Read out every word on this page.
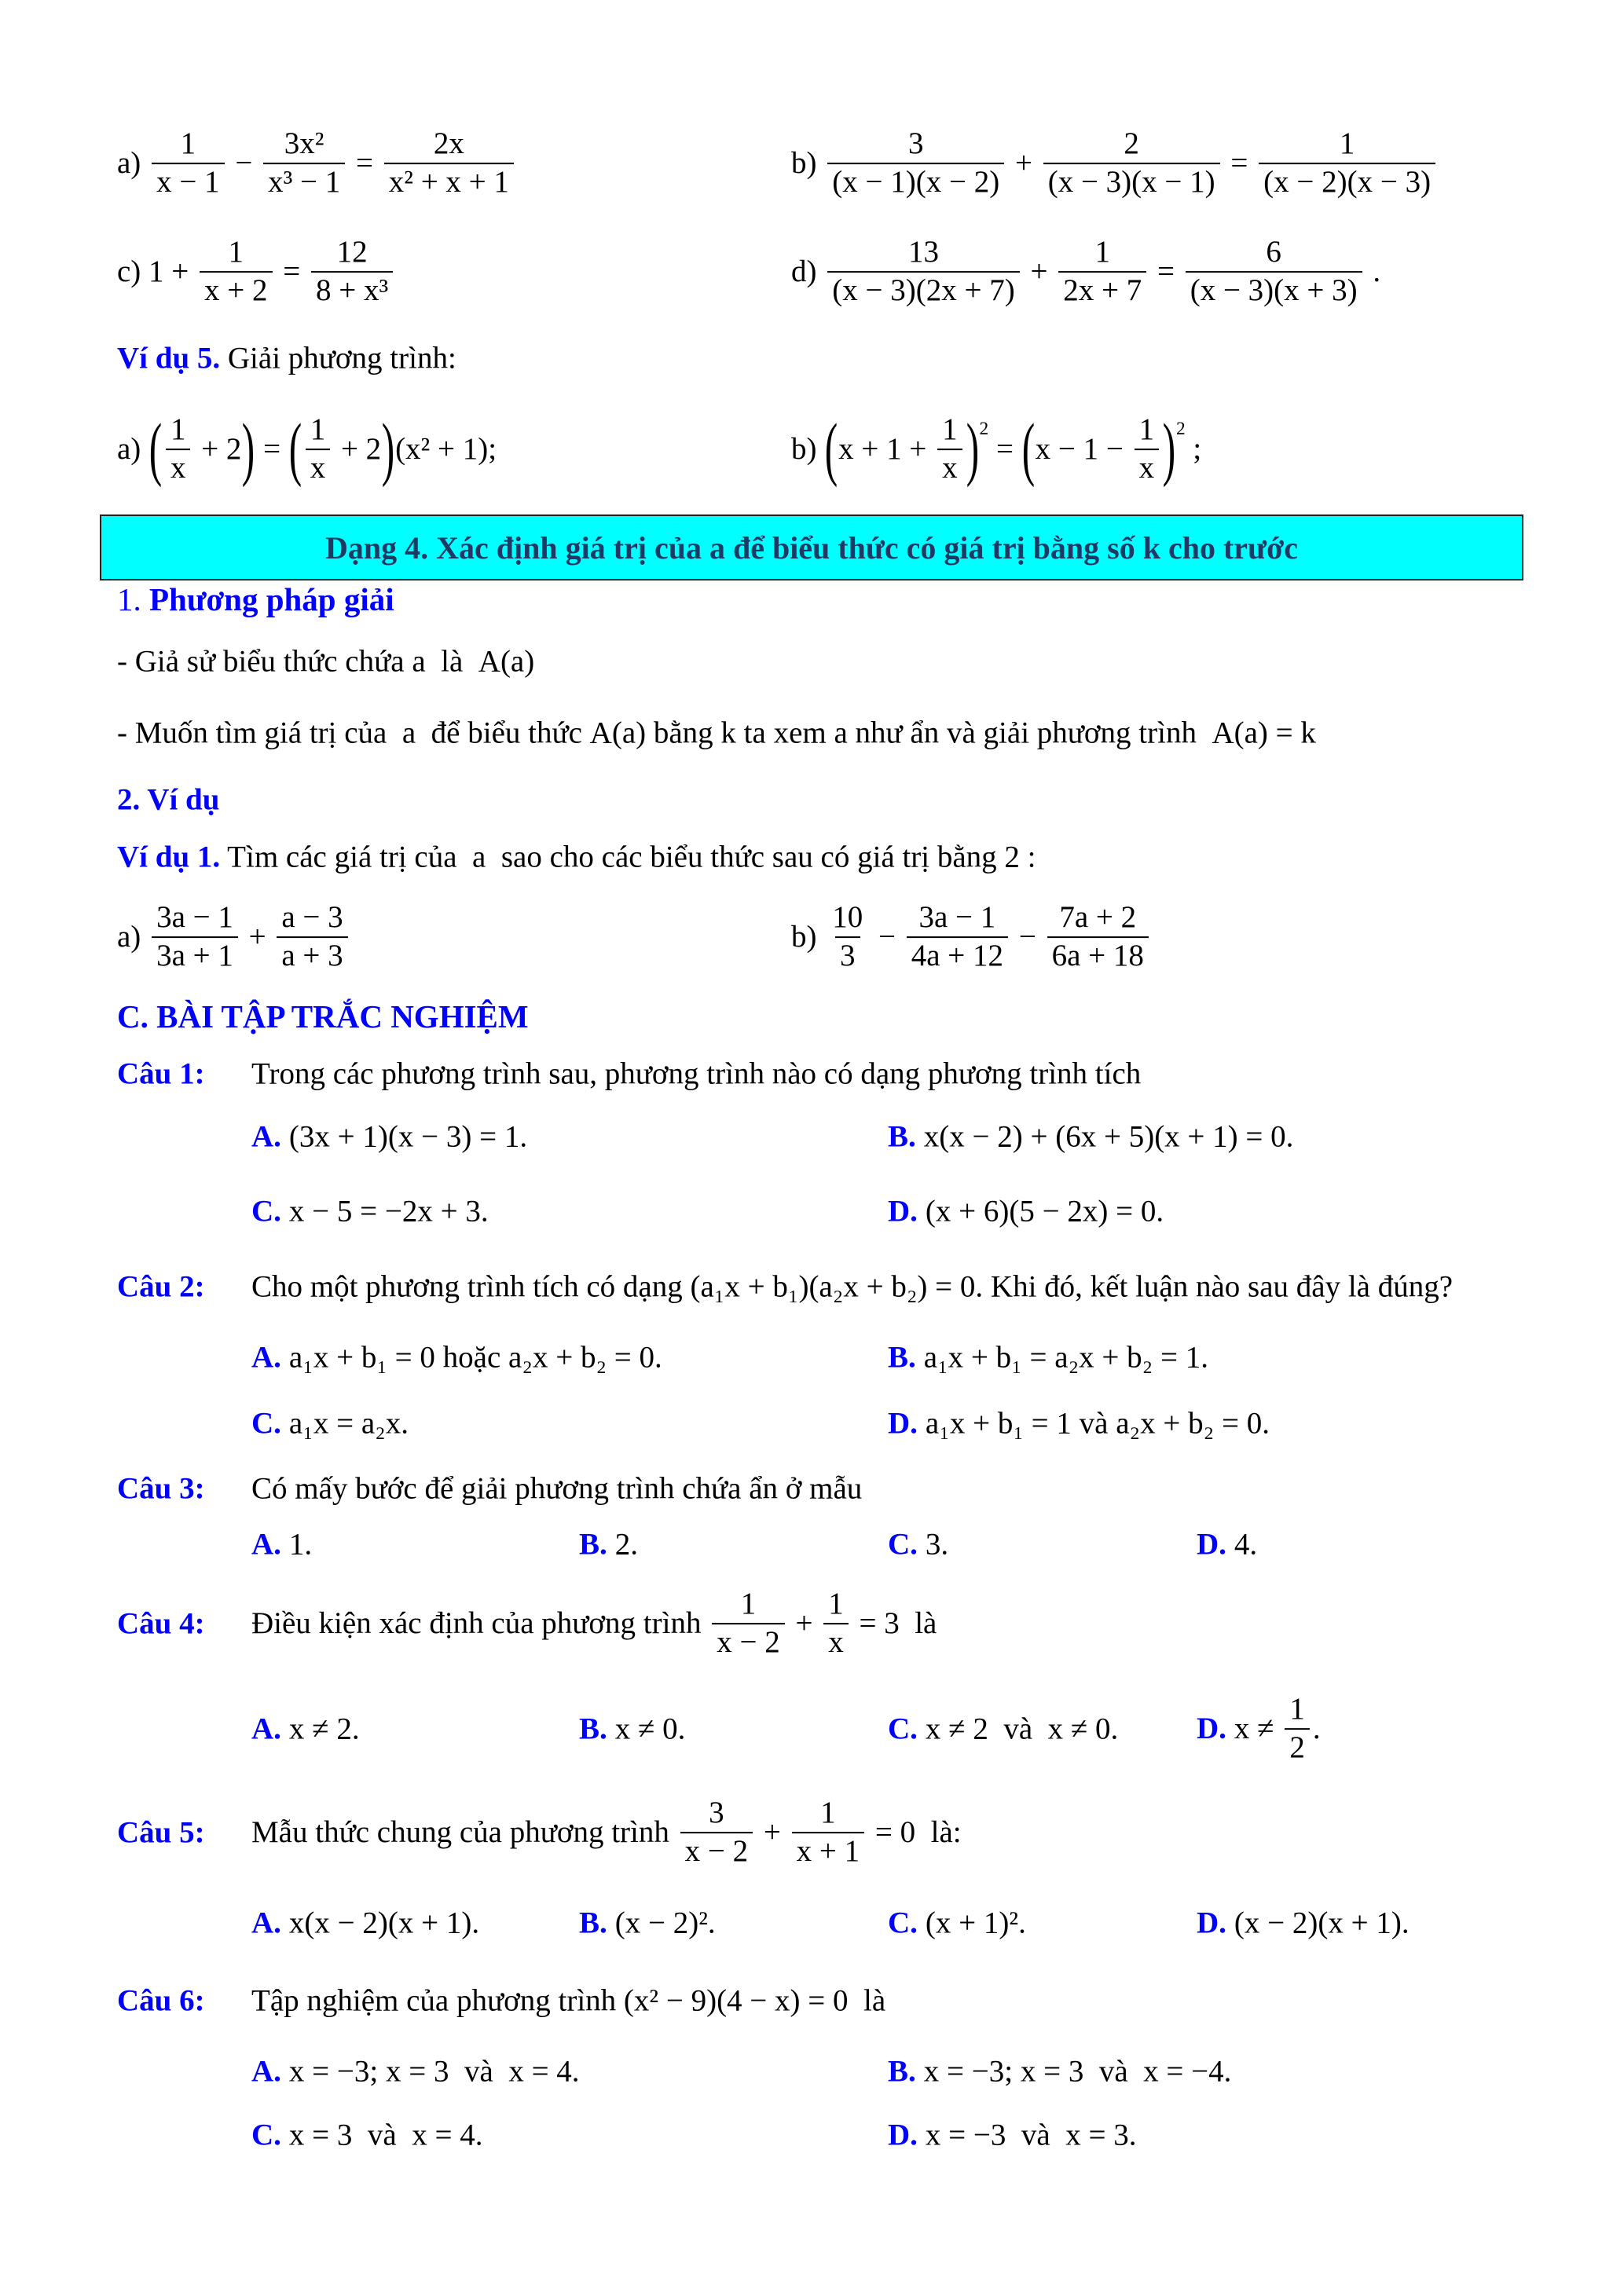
$a) \frac{1}{x - 1} - \frac{\text{3x²}}{\text{x³ − 1}} = \frac{2x}{\text{x² + x + 1}}$	$b) \frac{3}{(x - 1)(x - 2)} + \frac{2}{(x - 3)(x - 1)} = \frac{1}{(x - 2)(x - 3)}$
c) $1 + \frac{1}{x + 2} = \frac{12}{\text{8 + x³}}$	$d) \frac{13}{(x - 3)(2x + 7)} + \frac{1}{2x + 7} = \frac{6}{(x - 3)(x + 3)}$ .
Ví dụ 5. Giải phương trình:
a) ( $\frac{1}{x} + 2$ ) = ( $\frac{1}{x} + 2$ ) (x² + 1);	b) ( $x + 1 + \frac{1}{x}$ ) 2
= ( $x - 1 - \frac{1}{x}$ ) 2
;
Dạng 4. Xác định giá trị của a để biểu thức có giá trị bằng số k cho trước
1. Phương pháp giải
- Giả sử biểu thức chứa a là A(a)
- Muốn tìm giá trị của a để biểu thức A(a) bằng k ta xem a như ẩn và giải phương trình A(a) = k
2. Ví dụ
Ví dụ 1. Tìm các giá trị của a sao cho các biểu thức sau có giá trị bằng 2 :
$a) \frac{3a - 1}{3a + 1} + \frac{a - 3}{a + 3}$	$b) \frac{10}{3} - \frac{3a - 1}{4a + 12} - \frac{7a + 2}{6a + 18}$
C. BÀI TẬP TRẮC NGHIỆM
Câu 1: Trong các phương trình sau, phương trình nào có dạng phương trình tích
A. (3x + 1)(x − 3) = 1.	B. x(x − 2) + (6x + 5)(x + 1) = 0.
C. x − 5 = −2x + 3.	D. (x + 6)(5 − 2x) = 0.
Câu 2: Cho một phương trình tích có dạng (a₁x + b₁)(a₂x + b₂) = 0 . Khi đó, kết luận nào sau đây là đúng?
A. a₁x + b₁ = 0 hoặc a₂x + b₂ = 0.	B. a₁x + b₁ = a₂x + b₂ = 1.
C. a₁x = a₂x.	D. a₁x + b₁ = 1 và a₂x + b₂ = 0.
Câu 3: Có mấy bước để giải phương trình chứa ẩn ở mẫu
A. 1.	B. 2.	C. 3.	D. 4.
Câu 4: Điều kiện xác định của phương trình $\frac{1}{x - 2} + \frac{1}{x} = 3$ là
A. x ≠ 2.	B. x ≠ 0.	C. x ≠ 2 và x ≠ 0.	D. $x \ne \frac{1}{2}$ .
Câu 5: Mẫu thức chung của phương trình $\frac{3}{x - 2} + \frac{1}{x + 1} = 0$ là:
A. x(x − 2)(x + 1).	B. (x − 2)².	C. (x + 1)².	D. (x − 2)(x + 1).
Câu 6: Tập nghiệm của phương trình (x² − 9)(4 − x) = 0 là
A. x = −3; x = 3 và x = 4.	B. x = −3; x = 3 và x = −4.
C. x = 3 và x = 4.	D. x = −3 và x = 3.
